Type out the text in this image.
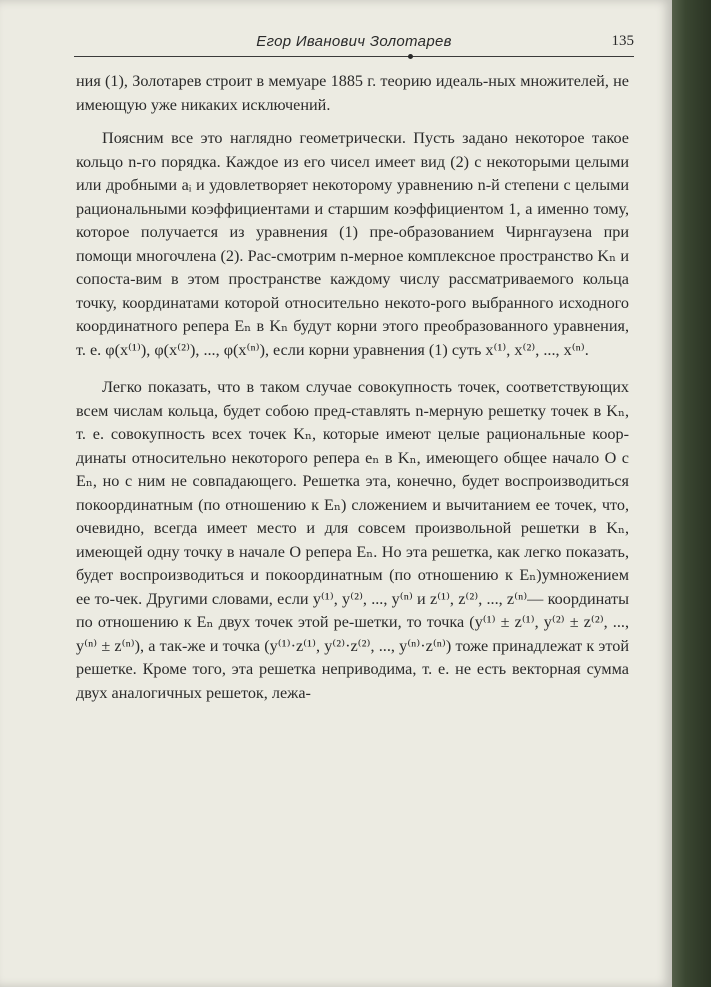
Егор Иванович Золотарев	135

ния (1), Золотарев строит в мемуаре 1885 г. теорию идеаль-ных множителей, не имеющую уже никаких исключений.

Поясним все это наглядно геометрически. Пусть задано некоторое такое кольцо n-го порядка. Каждое из его чисел имеет вид (2) с некоторыми целыми или дробными aᵢ и удовлетворяет некоторому уравнению n-й степени с целыми рациональными коэффициентами и старшим коэффициентом 1, а именно тому, которое получается из уравнения (1) пре-образованием Чирнгаузена при помощи многочлена (2). Рас-смотрим n-мерное комплексное пространство Kₙ и сопоста-вим в этом пространстве каждому числу рассматриваемого кольца точку, координатами которой относительно некото-рого выбранного исходного координатного репера Eₙ в Kₙ будут корни этого преобразованного уравнения, т. е. φ(x⁽¹⁾), φ(x⁽²⁾), ..., φ(x⁽ⁿ⁾), если корни уравнения (1) суть x⁽¹⁾, x⁽²⁾, ..., x⁽ⁿ⁾.

Легко показать, что в таком случае совокупность точек, соответствующих всем числам кольца, будет собою пред-ставлять n-мерную решетку точек в Kₙ, т. е. совокупность всех точек Kₙ, которые имеют целые рациональные коор-динаты относительно некоторого репера eₙ в Kₙ, имеющего общее начало O с Eₙ, но с ним не совпадающего. Решетка эта, конечно, будет воспроизводиться покоординатным (по отношению к Eₙ) сложением и вычитанием ее точек, что, очевидно, всегда имеет место и для совсем произвольной решетки в Kₙ, имеющей одну точку в начале O репера Eₙ. Но эта решетка, как легко показать, будет воспроизводиться и покоординатным (по отношению к Eₙ)умножением ее то-чек. Другими словами, если y⁽¹⁾, y⁽²⁾, ..., y⁽ⁿ⁾ и z⁽¹⁾, z⁽²⁾, ..., z⁽ⁿ⁾— координаты по отношению к Eₙ двух точек этой ре-шетки, то точка (y⁽¹⁾ ± z⁽¹⁾, y⁽²⁾ ± z⁽²⁾, ..., y⁽ⁿ⁾ ± z⁽ⁿ⁾), а так-же и точка (y⁽¹⁾·z⁽¹⁾, y⁽²⁾·z⁽²⁾, ..., y⁽ⁿ⁾·z⁽ⁿ⁾) тоже принадлежат к этой решетке. Кроме того, эта решетка неприводима, т. е. не есть векторная сумма двух аналогичных решеток, лежа-
